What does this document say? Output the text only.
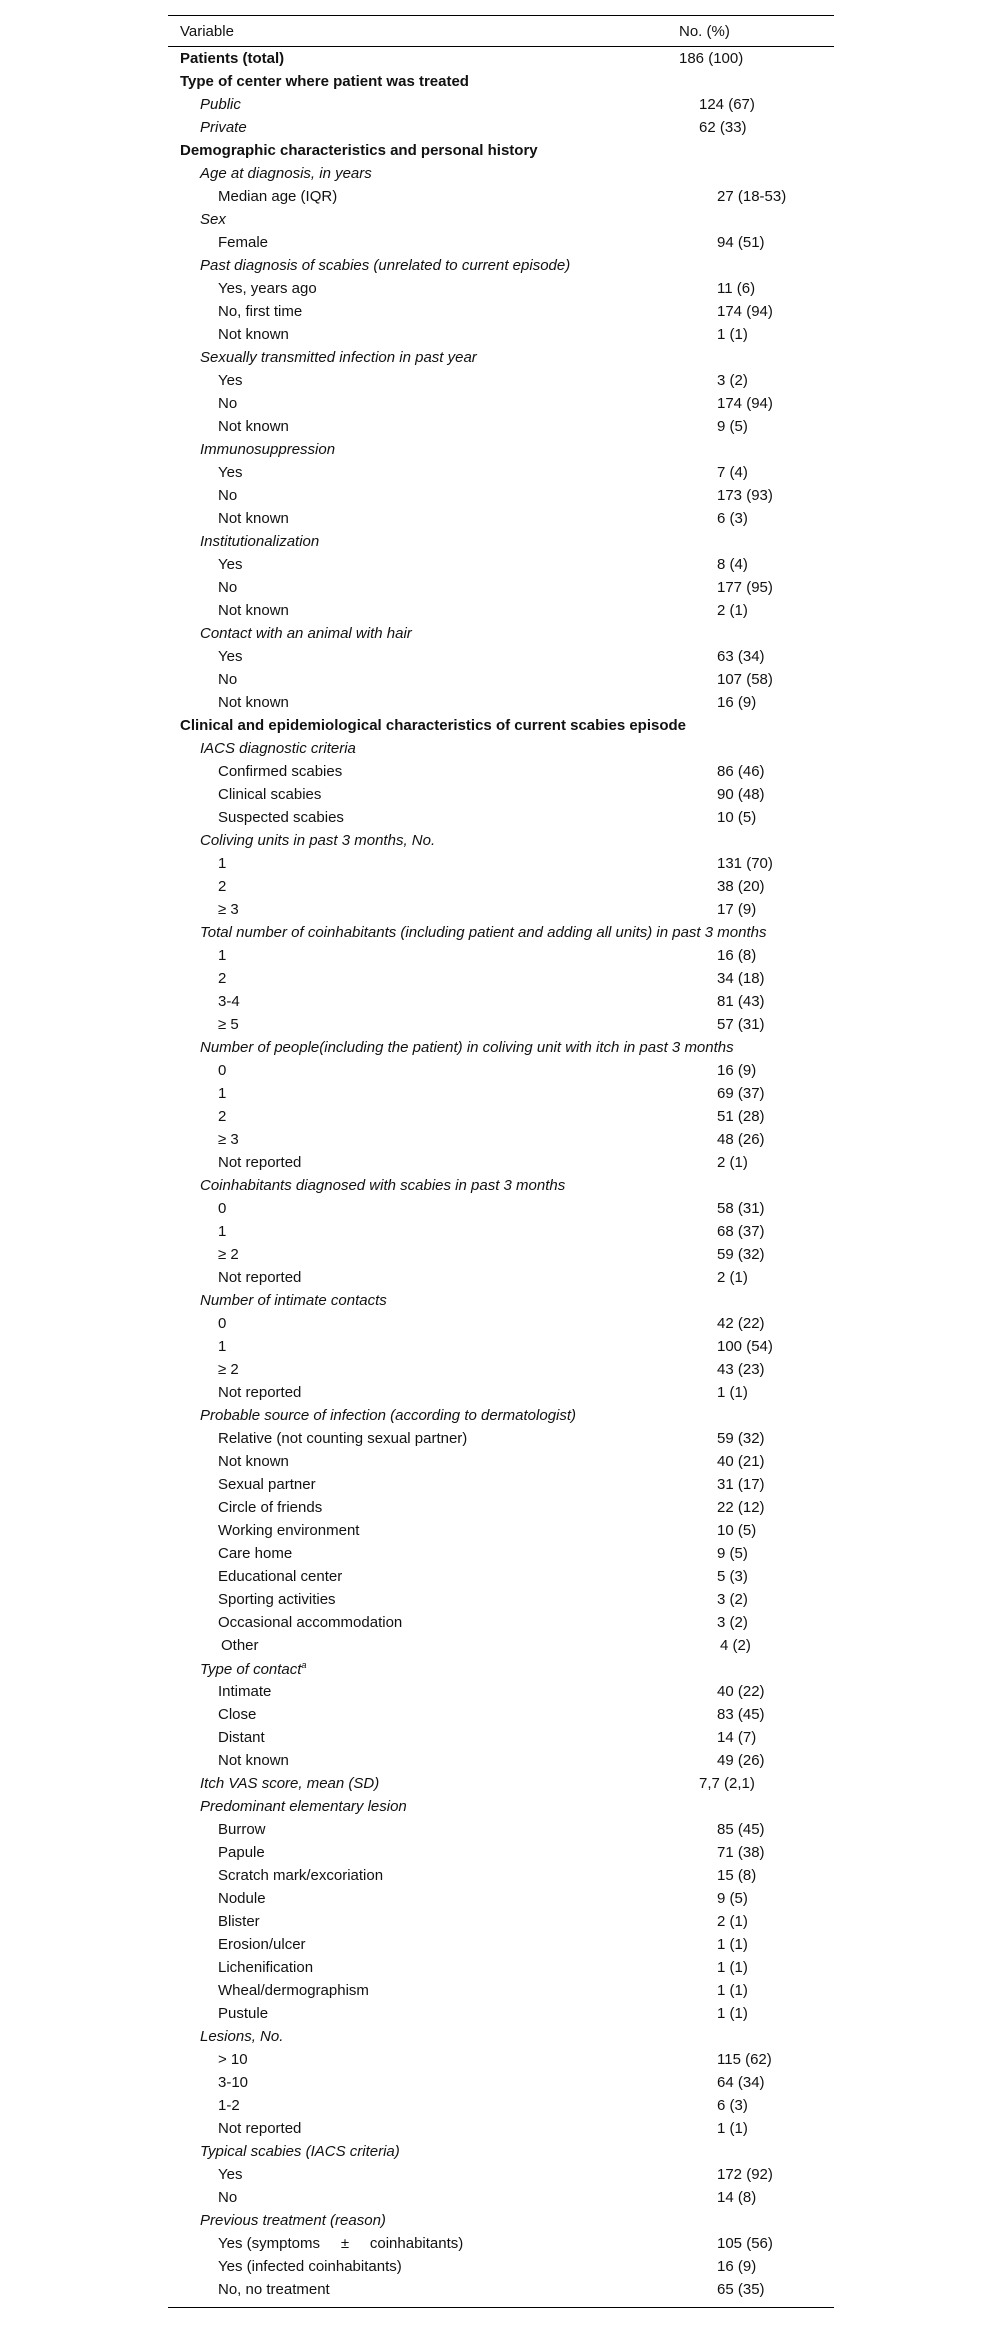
Variable	No. (%)
Patients (total)	186 (100)
Type of center where patient was treated
Public	124 (67)
Private	62 (33)
Demographic characteristics and personal history
Age at diagnosis, in years
Median age (IQR)	27 (18-53)
Sex
Female	94 (51)
Past diagnosis of scabies (unrelated to current episode)
Yes, years ago	11 (6)
No, first time	174 (94)
Not known	1 (1)
Sexually transmitted infection in past year
Yes	3 (2)
No	174 (94)
Not known	9 (5)
Immunosuppression
Yes	7 (4)
No	173 (93)
Not known	6 (3)
Institutionalization
Yes	8 (4)
No	177 (95)
Not known	2 (1)
Contact with an animal with hair
Yes	63 (34)
No	107 (58)
Not known	16 (9)
Clinical and epidemiological characteristics of current scabies episode
IACS diagnostic criteria
Confirmed scabies	86 (46)
Clinical scabies	90 (48)
Suspected scabies	10 (5)
Coliving units in past 3 months, No.
1	131 (70)
2	38 (20)
≥ 3	17 (9)
Total number of coinhabitants (including patient and adding all units) in past 3 months
1	16 (8)
2	34 (18)
3-4	81 (43)
≥ 5	57 (31)
Number of people(including the patient) in coliving unit with itch in past 3 months
0	16 (9)
1	69 (37)
2	51 (28)
≥ 3	48 (26)
Not reported	2 (1)
Coinhabitants diagnosed with scabies in past 3 months
0	58 (31)
1	68 (37)
≥ 2	59 (32)
Not reported	2 (1)
Number of intimate contacts
0	42 (22)
1	100 (54)
≥ 2	43 (23)
Not reported	1 (1)
Probable source of infection (according to dermatologist)
Relative (not counting sexual partner)	59 (32)
Not known	40 (21)
Sexual partner	31 (17)
Circle of friends	22 (12)
Working environment	10 (5)
Care home	9 (5)
Educational center	5 (3)
Sporting activities	3 (2)
Occasional accommodation	3 (2)
Other	4 (2)
Type of contact$^a$
Intimate	40 (22)
Close	83 (45)
Distant	14 (7)
Not known	49 (26)
Itch VAS score, mean (SD)	7,7 (2,1)
Predominant elementary lesion
Burrow	85 (45)
Papule	71 (38)
Scratch mark/excoriation	15 (8)
Nodule	9 (5)
Blister	2 (1)
Erosion/ulcer	1 (1)
Lichenification	1 (1)
Wheal/dermographism	1 (1)
Pustule	1 (1)
Lesions, No.
> 10	115 (62)
3-10	64 (34)
1-2	6 (3)
Not reported	1 (1)
Typical scabies (IACS criteria)
Yes	172 (92)
No	14 (8)
Previous treatment (reason)
Yes (symptoms     ±     coinhabitants)	105 (56)
Yes (infected coinhabitants)	16 (9)
No, no treatment	65 (35)
